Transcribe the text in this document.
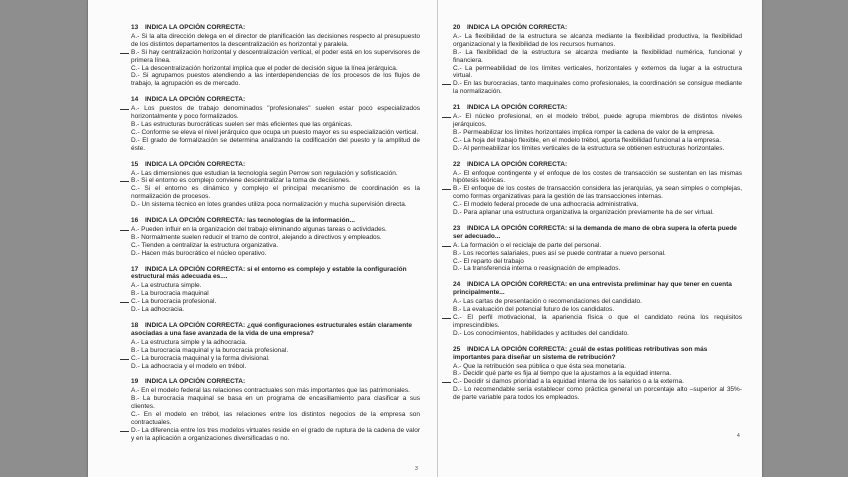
13 INDICA LA OPCIÓN CORRECTA:
A.- Si la alta dirección delega en el director de planificación las decisiones respecto al presupuesto de los distintos departamentos la descentralización es horizontal y paralela.
B.- Si hay centralización horizontal y descentralización vertical, el poder está en los supervisores de primera línea.
C.- La descentralización horizontal implica que el poder de decisión sigue la línea jerárquica.
D.- Si agrupamos puestos atendiendo a las interdependencias de los procesos de los flujos de trabajo, la agrupación es de mercado.
14 INDICA LA OPCIÓN CORRECTA:
A.- Los puestos de trabajo denominados "profesionales" suelen estar poco especializados horizontalmente y poco formalizados.
B.- Las estructuras burocráticas suelen ser más eficientes que las orgánicas.
C.- Conforme se eleva el nivel jerárquico que ocupa un puesto mayor es su especialización vertical.
D.- El grado de formalización se determina analizando la codificación del puesto y la amplitud de éste.
15 INDICA LA OPCIÓN CORRECTA:
A.- Las dimensiones que estudian la tecnología según Perrow son regulación y sofisticación.
B.- Si el entorno es complejo conviene descentralizar la toma de decisiones.
C.- Si el entorno es dinámico y complejo el principal mecanismo de coordinación es la normalización de procesos.
D.- Un sistema técnico en lotes grandes utiliza poca normalización y mucha supervisión directa.
16 INDICA LA OPCIÓN CORRECTA: las tecnologías de la información...
A.- Pueden influir en la organización del trabajo eliminando algunas tareas o actividades.
B.- Normalmente suelen reducir el tramo de control, alejando a directivos y empleados.
C.- Tienden a centralizar la estructura organizativa.
D.- Hacen más burocrático el núcleo operativo.
17 INDICA LA OPCIÓN CORRECTA: si el entorno es complejo y estable la configuración estructural más adecuada es....
A.- La estructura simple.
B.- La burocracia maquinal
C.- La burocracia profesional.
D.- La adhocracia.
18 INDICA LA OPCIÓN CORRECTA: ¿qué configuraciones estructurales están claramente asociadas a una fase avanzada de la vida de una empresa?
A.- La estructura simple y la adhocracia.
B.- La burocracia maquinal y la burocracia profesional.
C.- La burocracia maquinal y la forma divisional.
D.- La adhocracia y el modelo en trébol.
19 INDICA LA OPCIÓN CORRECTA:
A.- En el modelo federal las relaciones contractuales son más importantes que las patrimoniales.
B.- La burocracia maquinal se basa en un programa de encasillamiento para clasificar a sus clientes.
C.- En el modelo en trébol, las relaciones entre los distintos negocios de la empresa son contractuales.
D.- La diferencia entre los tres modelos virtuales reside en el grado de ruptura de la cadena de valor y en la aplicación a organizaciones diversificadas o no.
20 INDICA LA OPCIÓN CORRECTA:
A.- La flexibilidad de la estructura se alcanza mediante la flexibilidad productiva, la flexibilidad organizacional y la flexibilidad de los recursos humanos.
B.- La flexibilidad de la estructura se alcanza mediante la flexibilidad numérica, funcional y financiera.
C.- La permeabilidad de los límites verticales, horizontales y externos da lugar a la estructura virtual.
D.- En las burocracias, tanto maquinales como profesionales, la coordinación se consigue mediante la normalización.
21 INDICA LA OPCIÓN CORRECTA:
A.- El núcleo profesional, en el modelo trébol, puede agrupa miembros de distintos niveles jerárquicos.
B.- Permeabilizar los límites horizontales implica romper la cadena de valor de la empresa.
C.- La hoja del trabajo flexible, en el modelo trébol, aporta flexibilidad funcional a la empresa.
D.- Al permeabilizar los límites verticales de la estructura se obtienen estructuras horizontales.
22 INDICA LA OPCIÓN CORRECTA:
A.- El enfoque contingente y el enfoque de los costes de transacción se sustentan en las mismas hipótesis teóricas.
B.- El enfoque de los costes de transacción considera las jerarquías, ya sean simples o complejas, como formas organizativas para la gestión de las transacciones internas.
C.- El modelo federal procede de una adhocracia administrativa.
D.- Para aplanar una estructura organizativa la organización previamente ha de ser virtual.
23 INDICA LA OPCIÓN CORRECTA: si la demanda de mano de obra supera la oferta puede ser adecuado...
A. La formación o el reciclaje de parte del personal.
B.- Los recortes salariales, pues así se puede contratar a nuevo personal.
C.- El reparto del trabajo
D.- La transferencia interna o reasignación de empleados.
24 INDICA LA OPCIÓN CORRECTA: en una entrevista preliminar hay que tener en cuenta principalmente...
A.- Las cartas de presentación o recomendaciones del candidato.
B.- La evaluación del potencial futuro de los candidatos.
C.- El perfil motivacional, la apariencia física o que el candidato reúna los requisitos imprescindibles.
D.- Los conocimientos, habilidades y actitudes del candidato.
25 INDICA LA OPCIÓN CORRECTA: ¿cuál de estas políticas retributivas son más importantes para diseñar un sistema de retribución?
A.- Que la retribución sea pública o que ésta sea monetaria.
B.- Decidir qué parte es fija al tiempo que la ajustamos a la equidad interna.
C.- Decidir si damos prioridad a la equidad interna de los salarios o a la externa.
D.- Lo recomendable sería establecer como práctica general un porcentaje alto –superior al 35%- de parte variable para todos los empleados.
3
4
